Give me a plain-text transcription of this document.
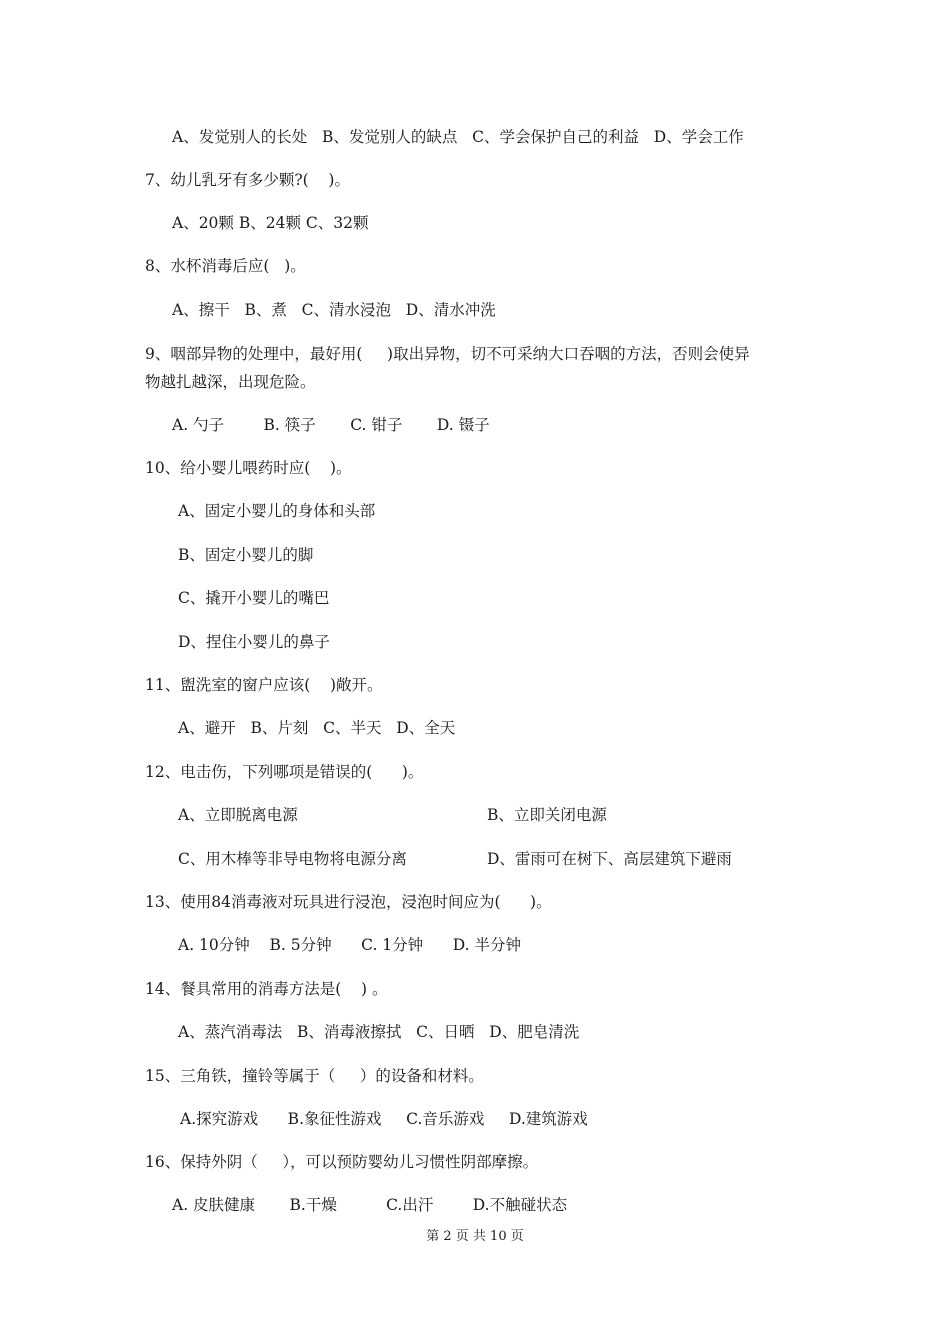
A、发觉别人的长处   B、发觉别人的缺点   C、学会保护自己的利益   D、学会工作
7、幼儿乳牙有多少颗?(    )。
A、20颗 B、24颗 C、32颗
8、水杯消毒后应(   )。
A、擦干   B、煮   C、清水浸泡   D、清水冲洗
9、咽部异物的处理中，最好用(     )取出异物，切不可采纳大口吞咽的方法，否则会使异
物越扎越深，出现危险。
A. 勺子        B. 筷子       C. 钳子       D. 镊子
10、给小婴儿喂药时应(    )。
A、固定小婴儿的身体和头部
B、固定小婴儿的脚
C、撬开小婴儿的嘴巴
D、捏住小婴儿的鼻子
11、盥洗室的窗户应该(    )敞开。
A、避开   B、片刻   C、半天   D、全天
12、电击伤，下列哪项是错误的(      )。
A、立即脱离电源	B、立即关闭电源
C、用木棒等非导电物将电源分离	D、雷雨可在树下、高层建筑下避雨
13、使用84消毒液对玩具进行浸泡，浸泡时间应为(      )。
A. 10分钟    B. 5分钟      C. 1分钟      D. 半分钟
14、餐具常用的消毒方法是(    ) 。
A、蒸汽消毒法   B、消毒液擦拭   C、日晒   D、肥皂清洗
15、三角铁，撞铃等属于（     ）的设备和材料。
A.探究游戏      B.象征性游戏     C.音乐游戏     D.建筑游戏
16、保持外阴（     ），可以预防婴幼儿习惯性阴部摩擦。
A. 皮肤健康       B.干燥          C.出汗        D.不触碰状态
第 2 页 共 10 页
